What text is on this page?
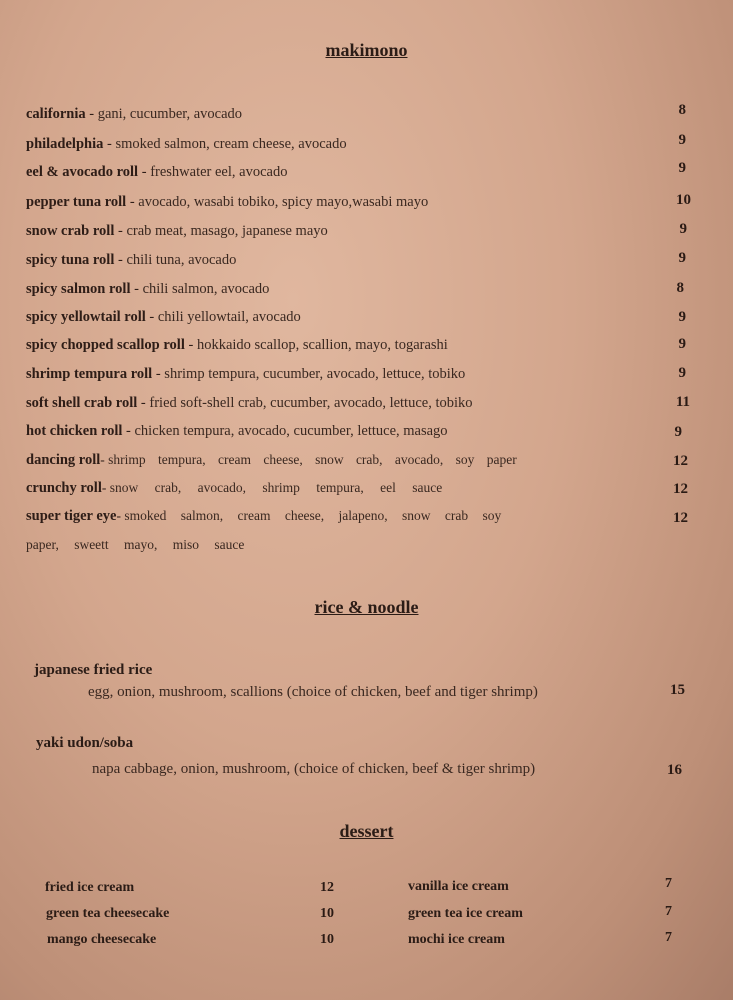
makimono
california - gani, cucumber, avocado	8
philadelphia - smoked salmon, cream cheese, avocado	9
eel & avocado roll - freshwater eel, avocado	9
pepper tuna roll - avocado, wasabi tobiko, spicy mayo,wasabi mayo	10
snow crab roll - crab meat, masago, japanese mayo	9
spicy tuna roll - chili tuna, avocado	9
spicy salmon roll - chili salmon, avocado	8
spicy yellowtail roll - chili yellowtail, avocado	9
spicy chopped scallop roll - hokkaido scallop, scallion, mayo, togarashi	9
shrimp tempura roll - shrimp tempura, cucumber, avocado, lettuce, tobiko	9
soft shell crab roll - fried soft-shell crab, cucumber, avocado, lettuce, tobiko	11
hot chicken roll - chicken tempura, avocado, cucumber, lettuce, masago	9
dancing roll- shrimp tempura, cream cheese, snow crab, avocado, soy paper	12
crunchy roll- snow crab, avocado, shrimp tempura, eel sauce	12
super tiger eye- smoked salmon, cream cheese, jalapeno, snow crab soy	12
paper, sweett mayo, miso sauce
rice & noodle
japanese fried rice
egg, onion, mushroom, scallions (choice of chicken, beef and tiger shrimp)	15
yaki udon/soba
napa cabbage, onion, mushroom, (choice of chicken, beef & tiger shrimp)	16
dessert
fried ice cream	12
green tea cheesecake	10
mango cheesecake	10
vanilla ice cream	7
green tea ice cream	7
mochi ice cream	7
